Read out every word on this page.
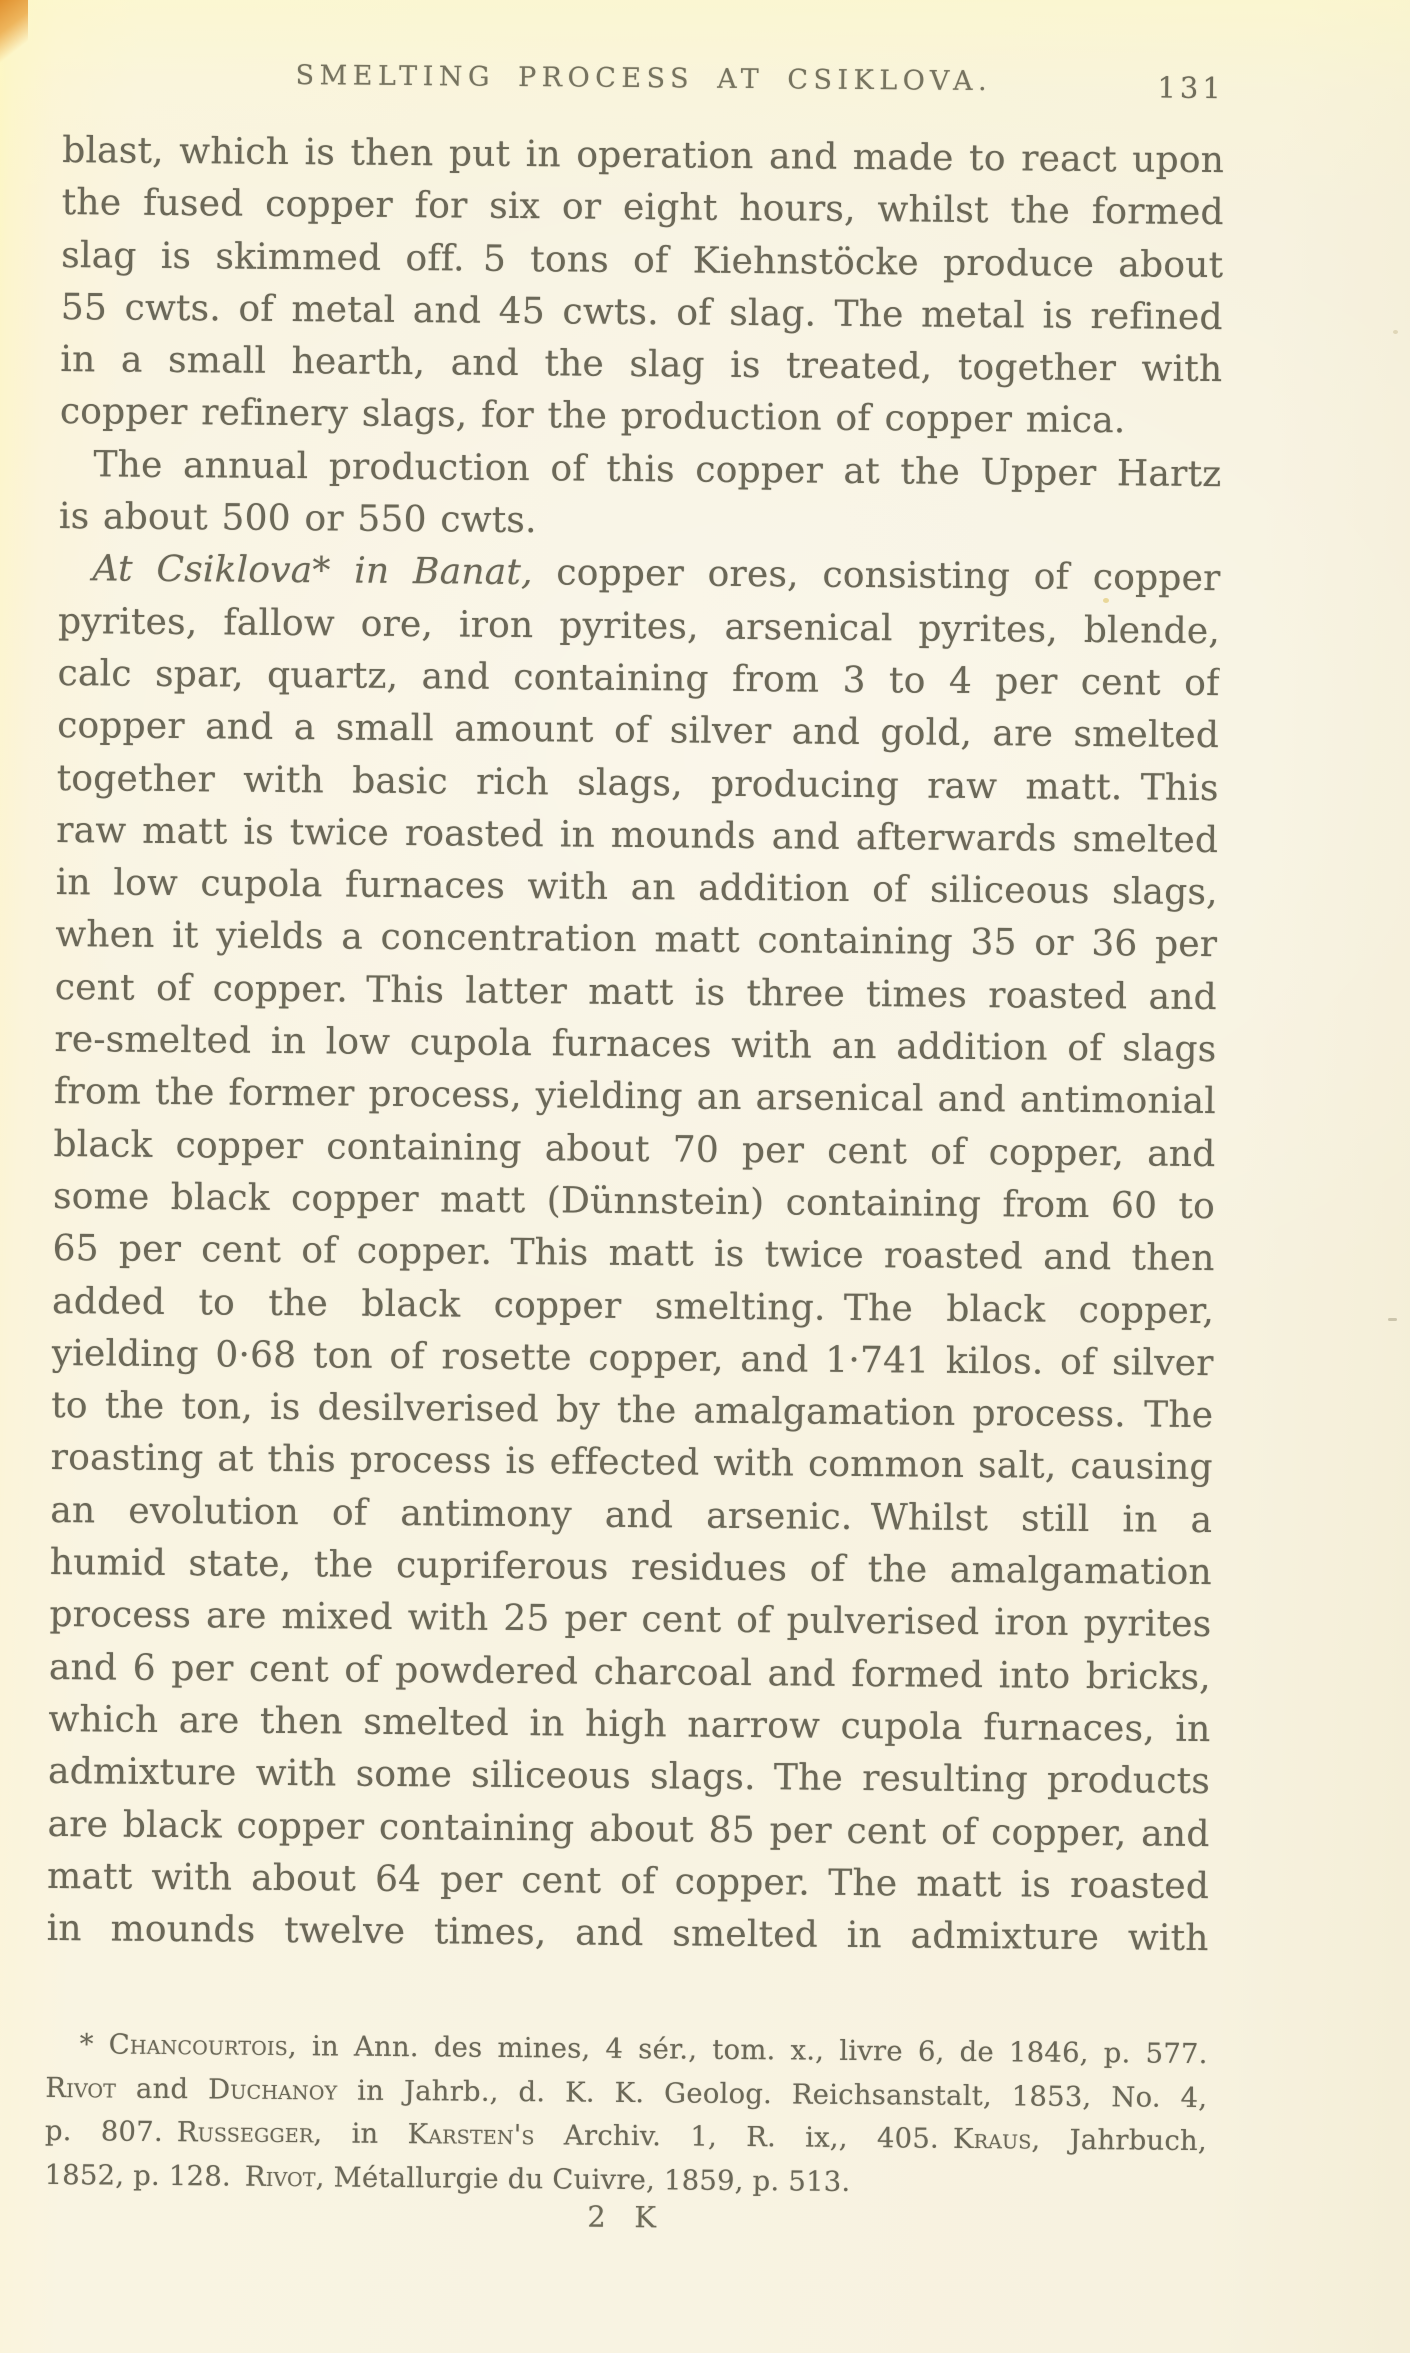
SMELTING PROCESS AT CSIKLOVA.	131
blast, which is then put in operation and made to react upon
the fused copper for six or eight hours, whilst the formed
slag is skimmed off. 5 tons of Kiehnstöcke produce about
55 cwts. of metal and 45 cwts. of slag. The metal is refined
in a small hearth, and the slag is treated, together with
copper refinery slags, for the production of copper mica.
The annual production of this copper at the Upper Hartz
is about 500 or 550 cwts.
At Csiklova* in Banat, copper ores, consisting of copper
pyrites, fallow ore, iron pyrites, arsenical pyrites, blende,
calc spar, quartz, and containing from 3 to 4 per cent of
copper and a small amount of silver and gold, are smelted
together with basic rich slags, producing raw matt. This
raw matt is twice roasted in mounds and afterwards smelted
in low cupola furnaces with an addition of siliceous slags,
when it yields a concentration matt containing 35 or 36 per
cent of copper. This latter matt is three times roasted and
re-smelted in low cupola furnaces with an addition of slags
from the former process, yielding an arsenical and antimonial
black copper containing about 70 per cent of copper, and
some black copper matt (Dünnstein) containing from 60 to
65 per cent of copper. This matt is twice roasted and then
added to the black copper smelting. The black copper,
yielding 0·68 ton of rosette copper, and 1·741 kilos. of silver
to the ton, is desilverised by the amalgamation process. The
roasting at this process is effected with common salt, causing
an evolution of antimony and arsenic. Whilst still in a
humid state, the cupriferous residues of the amalgamation
process are mixed with 25 per cent of pulverised iron pyrites
and 6 per cent of powdered charcoal and formed into bricks,
which are then smelted in high narrow cupola furnaces, in
admixture with some siliceous slags. The resulting products
are black copper containing about 85 per cent of copper, and
matt with about 64 per cent of copper. The matt is roasted
in mounds twelve times, and smelted in admixture with
* Chancourtois, in Ann. des mines, 4 sér., tom. x., livre 6, de 1846, p. 577.
Rivot and Duchanoy in Jahrb., d. K. K. Geolog. Reichsanstalt, 1853, No. 4,
p. 807. Russegger, in Karsten's Archiv. 1, R. ix,, 405. Kraus, Jahrbuch,
1852, p. 128. Rivot, Métallurgie du Cuivre, 1859, p. 513.
2 K
